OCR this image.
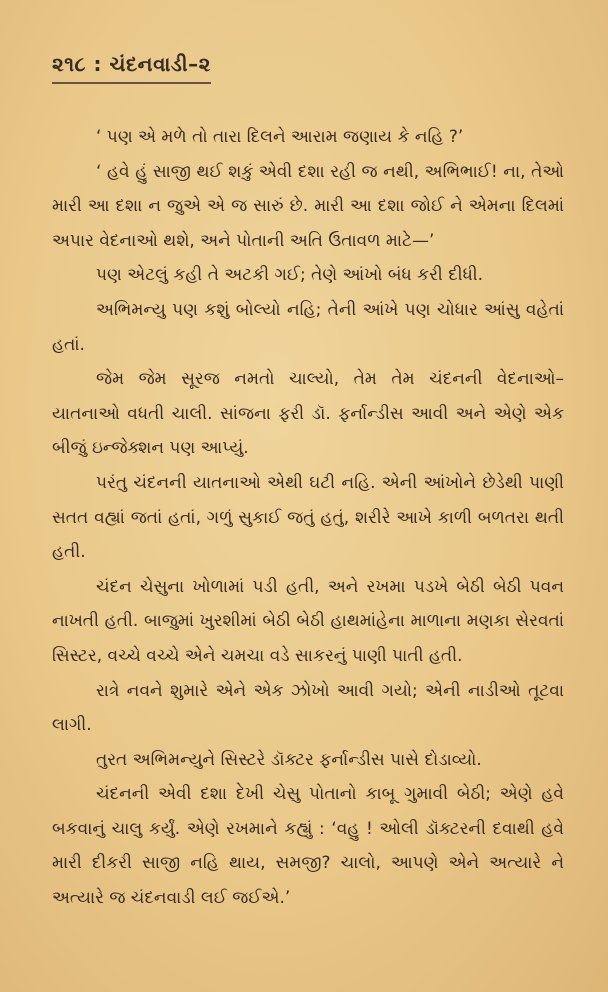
૨૧૮ : ચંદનવાડી–૨

‘ પણ એ મળે તો તારા દિલને આરામ જણાય કે નહિ ?’

‘ હવે હું સાજી થઈ શકું એવી દશા રહી જ નથી, અભિભાઈ! ના, તેઓ મારી આ દશા ન જુએ એ જ સારું છે. મારી આ દશા જોઈ ને એમના દિલમાં અપાર વેદનાઓ થશે, અને પોતાની અતિ ઉતાવળ માટે—’

પણ એટલું કહી તે અટકી ગઈ; તેણે આંખો બંધ કરી દીધી.

અભિમન્યુ પણ કશું બોલ્યો નહિ; તેની આંખે પણ ચોધાર આંસુ વહેતાં હતાં.

જેમ જેમ સૂરજ નમતો ચાલ્યો, તેમ તેમ ચંદનની વેદનાઓ– યાતનાઓ વધતી ચાલી. સાંજના ફરી ડૉ. ફર્નાન્ડીસ આવી અને એણે એક બીજું ઇન્જેક્શન પણ આપ્યું.

પરંતુ ચંદનની યાતનાઓ એથી ઘટી નહિ. એની આંખોને છેડેથી પાણી સતત વહ્યાં જતાં હતાં, ગળું સુકાઈ જતું હતું, શરીરે આખે કાળી બળતરા થતી હતી.

ચંદન ચેસુના ખોળામાં પડી હતી, અને રખમા પડખે બેઠી બેઠી પવન નાખતી હતી. બાજુમાં ખુરશીમાં બેઠી બેઠી હાથમાંહેના માળાના મણકા સેરવતાં સિસ્ટર, વચ્ચે વચ્ચે એને ચમચા વડે સાકરનું પાણી પાતી હતી.

રાત્રે નવને શુમારે એને એક ઝોખો આવી ગયો; એની નાડીઓ તૂટવા લાગી.

તુરત અભિમન્યુને સિસ્ટરે ડૉક્ટર ફર્નાન્ડીસ પાસે દોડાવ્યો.

ચંદનની એવી દશા દેખી ચેસુ પોતાનો કાબૂ ગુમાવી બેઠી; એણે હવે બકવાનું ચાલુ કર્યું. એણે રખમાને કહ્યું : ‘વહુ ! ઓલી ડૉક્ટરની દવાથી હવે મારી દીકરી સાજી નહિ થાય, સમજી? ચાલો, આપણે એને અત્યારે ને અત્યારે જ ચંદનવાડી લઈ જઈએ.’
